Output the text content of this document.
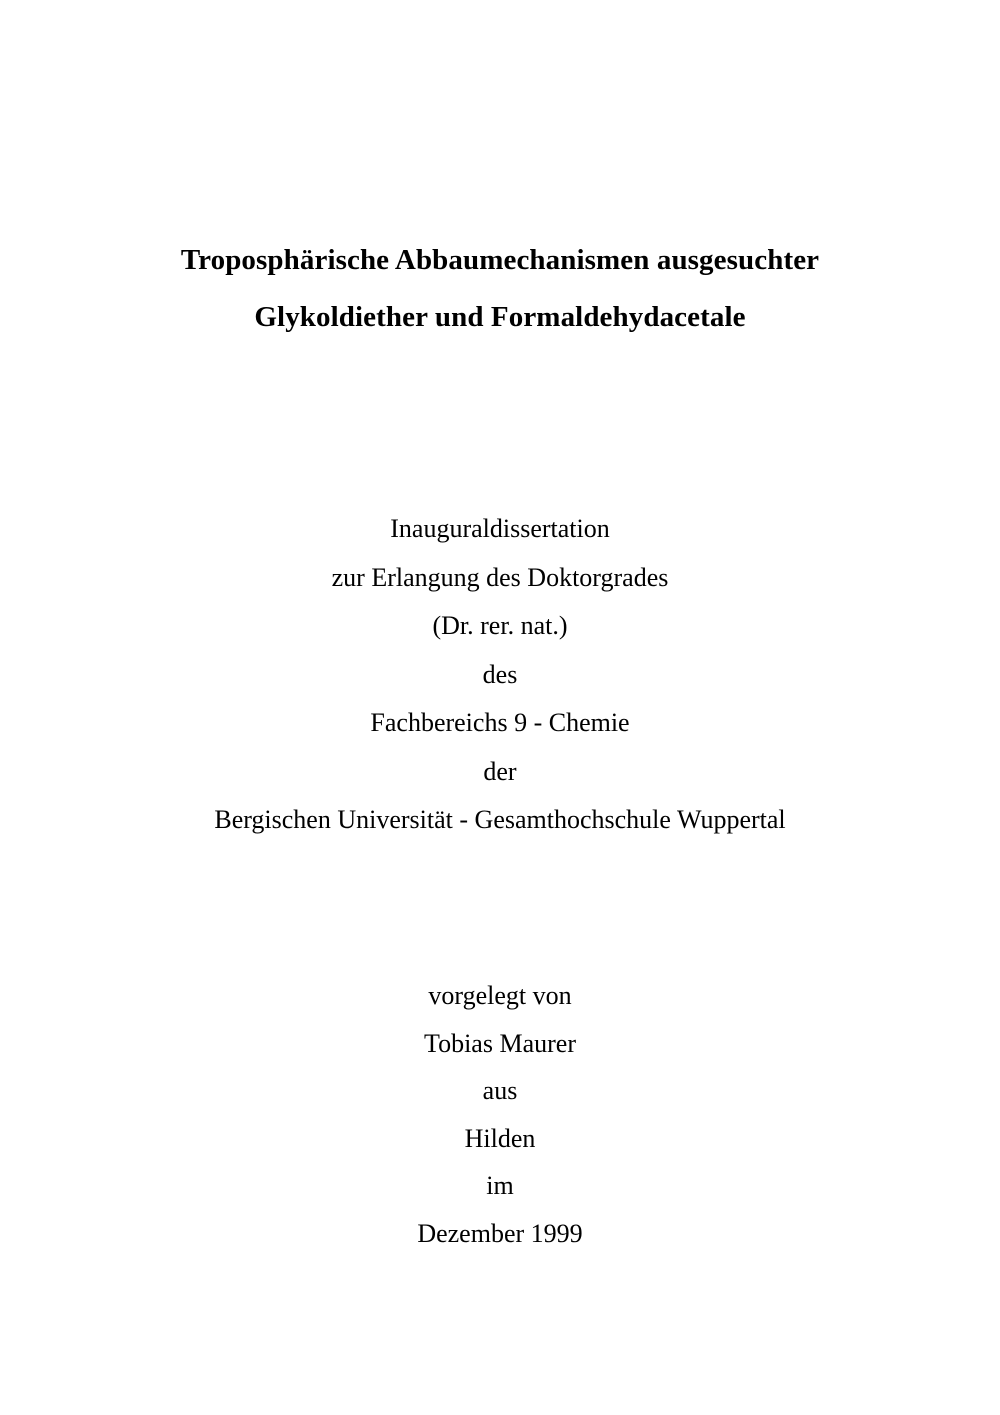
Troposphärische Abbaumechanismen ausgesuchter
Glykoldiether und Formaldehydacetale
Inauguraldissertation
zur Erlangung des Doktorgrades
(Dr. rer. nat.)
des
Fachbereichs 9 - Chemie
der
Bergischen Universität - Gesamthochschule Wuppertal
vorgelegt von
Tobias Maurer
aus
Hilden
im
Dezember 1999
